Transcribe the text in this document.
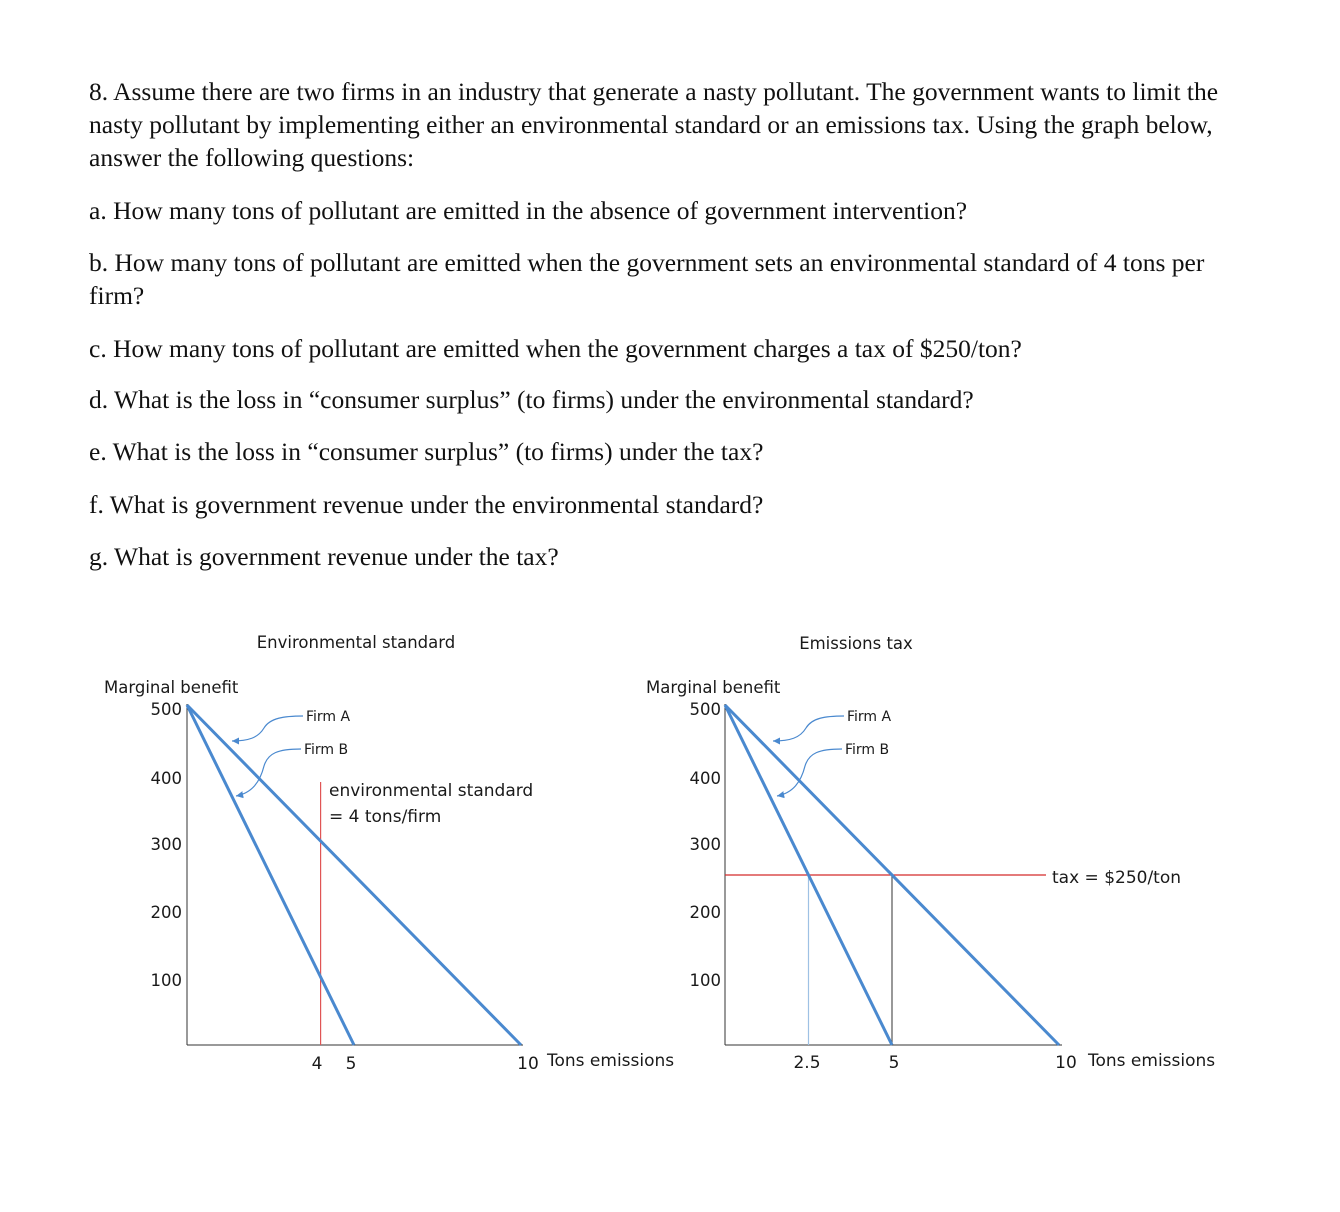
8. Assume there are two firms in an industry that generate a nasty pollutant. The government wants to limit the nasty pollutant by implementing either an environmental standard or an emissions tax. Using the graph below, answer the following questions:

a. How many tons of pollutant are emitted in the absence of government intervention?

b. How many tons of pollutant are emitted when the government sets an environmental standard of 4 tons per firm?

c. How many tons of pollutant are emitted when the government charges a tax of $250/ton?

d. What is the loss in “consumer surplus” (to firms) under the environmental standard?

e. What is the loss in “consumer surplus” (to firms) under the tax?

f. What is government revenue under the environmental standard?

g. What is government revenue under the tax?

Environmental standard
Marginal benefit
500
400
300
200
100
4 5	10 Tons emissions
environmental standard
= 4 tons/firm
Firm A
Firm B
Emissions tax
Marginal benefit
500
400
300
200
100
2.5	5	10 Tons emissions
tax = $250/ton
Firm A
Firm B
